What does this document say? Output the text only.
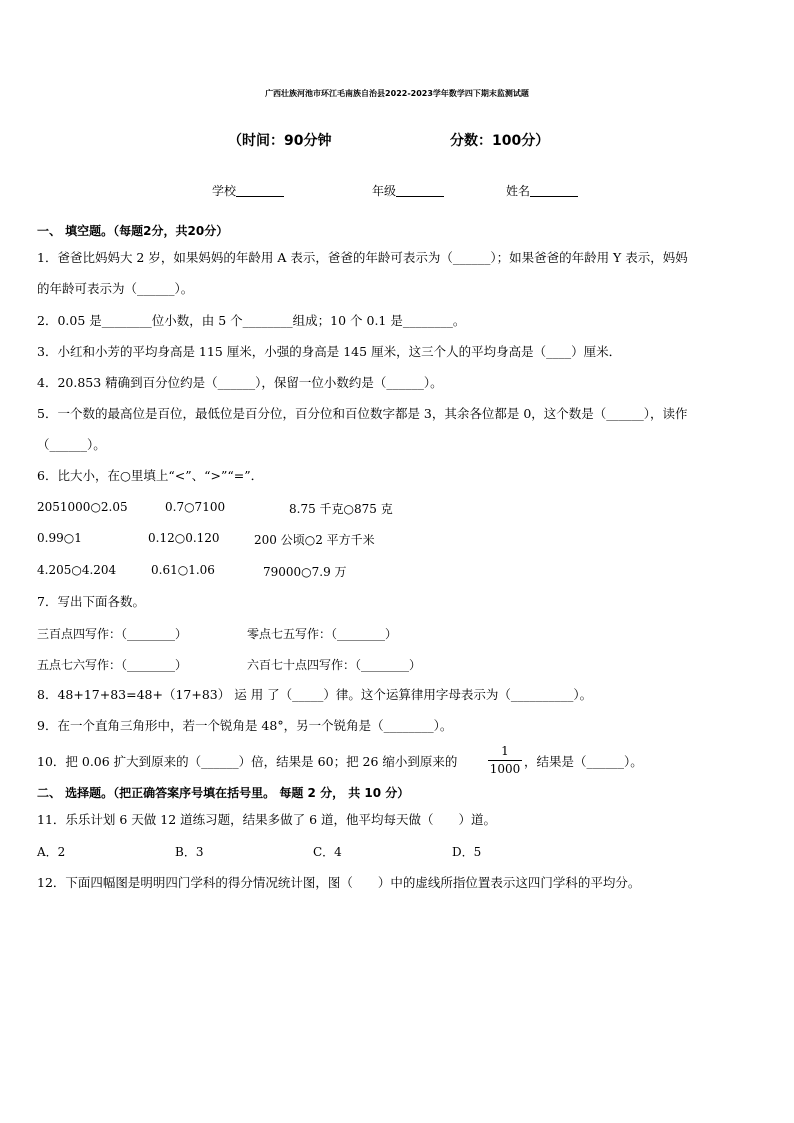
广西壮族河池市环江毛南族自治县2022-2023学年数学四下期末监测试题
（时间：90分钟	分数：100分）
学校	年级	姓名
一、 填空题。（每题2分，共20分）
1．爸爸比妈妈大 2 岁，如果妈妈的年龄用 A 表示，爸爸的年龄可表示为（______）；如果爸爸的年龄用 Y 表示，妈妈
的年龄可表示为（______）。
2．0.05 是________位小数，由 5 个________组成；10 个 0.1 是________。
3．小红和小芳的平均身高是 115 厘米，小强的身高是 145 厘米，这三个人的平均身高是（____）厘米．
4．20.853 精确到百分位约是（______），保留一位小数约是（______）。
5．一个数的最高位是百位，最低位是百分位，百分位和百位数字都是 3，其余各位都是 0，这个数是（______），读作
（______）。
6．比大小，在○里填上“<”、“>”“=”．
2051000○2.05	0.7○7100	8.75 千克○875 克
0.99○1	0.12○0.120	200 公顷○2 平方千米
4.205○4.204	0.61○1.06	79000○7.9 万
7．写出下面各数。
三百点四写作：（________）	零点七五写作：（________）
五点七六写作：（________）	六百七十点四写作：（________）
8．48+17+83=48+（17+83） 运 用 了（_____）律。这个运算律用字母表示为（__________）。
9．在一个直角三角形中，若一个锐角是 48°，另一个锐角是（________）。
10．把 0.06 扩大到原来的（______）倍，结果是 60；把 26 缩小到原来的
1
1000 ，结果是（______）。
二、 选择题。（把正确答案序号填在括号里。 每题 2 分， 共 10 分）
11．乐乐计划 6 天做 12 道练习题，结果多做了 6 道，他平均每天做（　　）道。
A．2	B．3	C．4	D．5
12．下面四幅图是明明四门学科的得分情况统计图，图（　　）中的虚线所指位置表示这四门学科的平均分。
